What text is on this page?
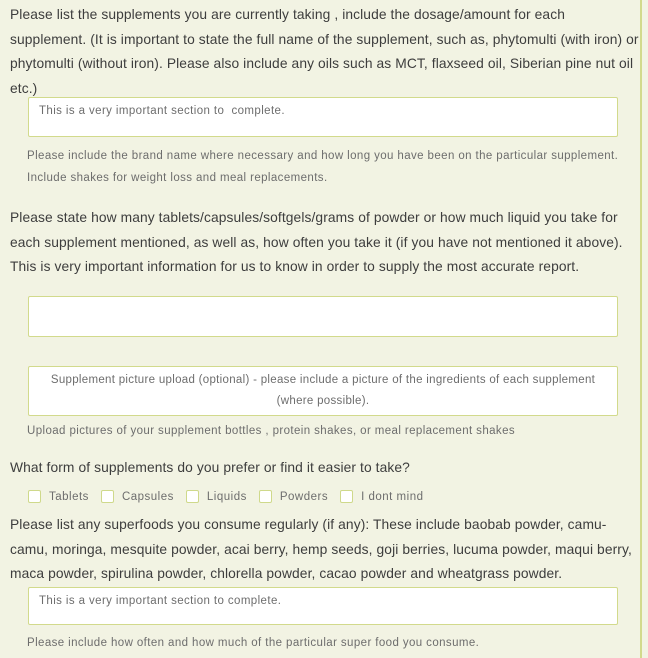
Please list the supplements you are currently taking , include the dosage/amount for each supplement. (It is important to state the full name of the supplement, such as, phytomulti (with iron) or phytomulti (without iron). Please also include any oils such as MCT, flaxseed oil, Siberian pine nut oil etc.)
This is a very important section to complete.
Please include the brand name where necessary and how long you have been on the particular supplement.
Include shakes for weight loss and meal replacements.
Please state how many tablets/capsules/softgels/grams of powder or how much liquid you take for each supplement mentioned, as well as, how often you take it (if you have not mentioned it above). This is very important information for us to know in order to supply the most accurate report.
Supplement picture upload (optional) - please include a picture of the ingredients of each supplement (where possible).
Upload pictures of your supplement bottles , protein shakes, or meal replacement shakes
What form of supplements do you prefer or find it easier to take?
Tablets	Capsules	Liquids	Powders	I dont mind
Please list any superfoods you consume regularly (if any): These include baobab powder, camu-camu, moringa, mesquite powder, acai berry, hemp seeds, goji berries, lucuma powder, maqui berry, maca powder, spirulina powder, chlorella powder, cacao powder and wheatgrass powder.
This is a very important section to complete.
Please include how often and how much of the particular super food you consume.
